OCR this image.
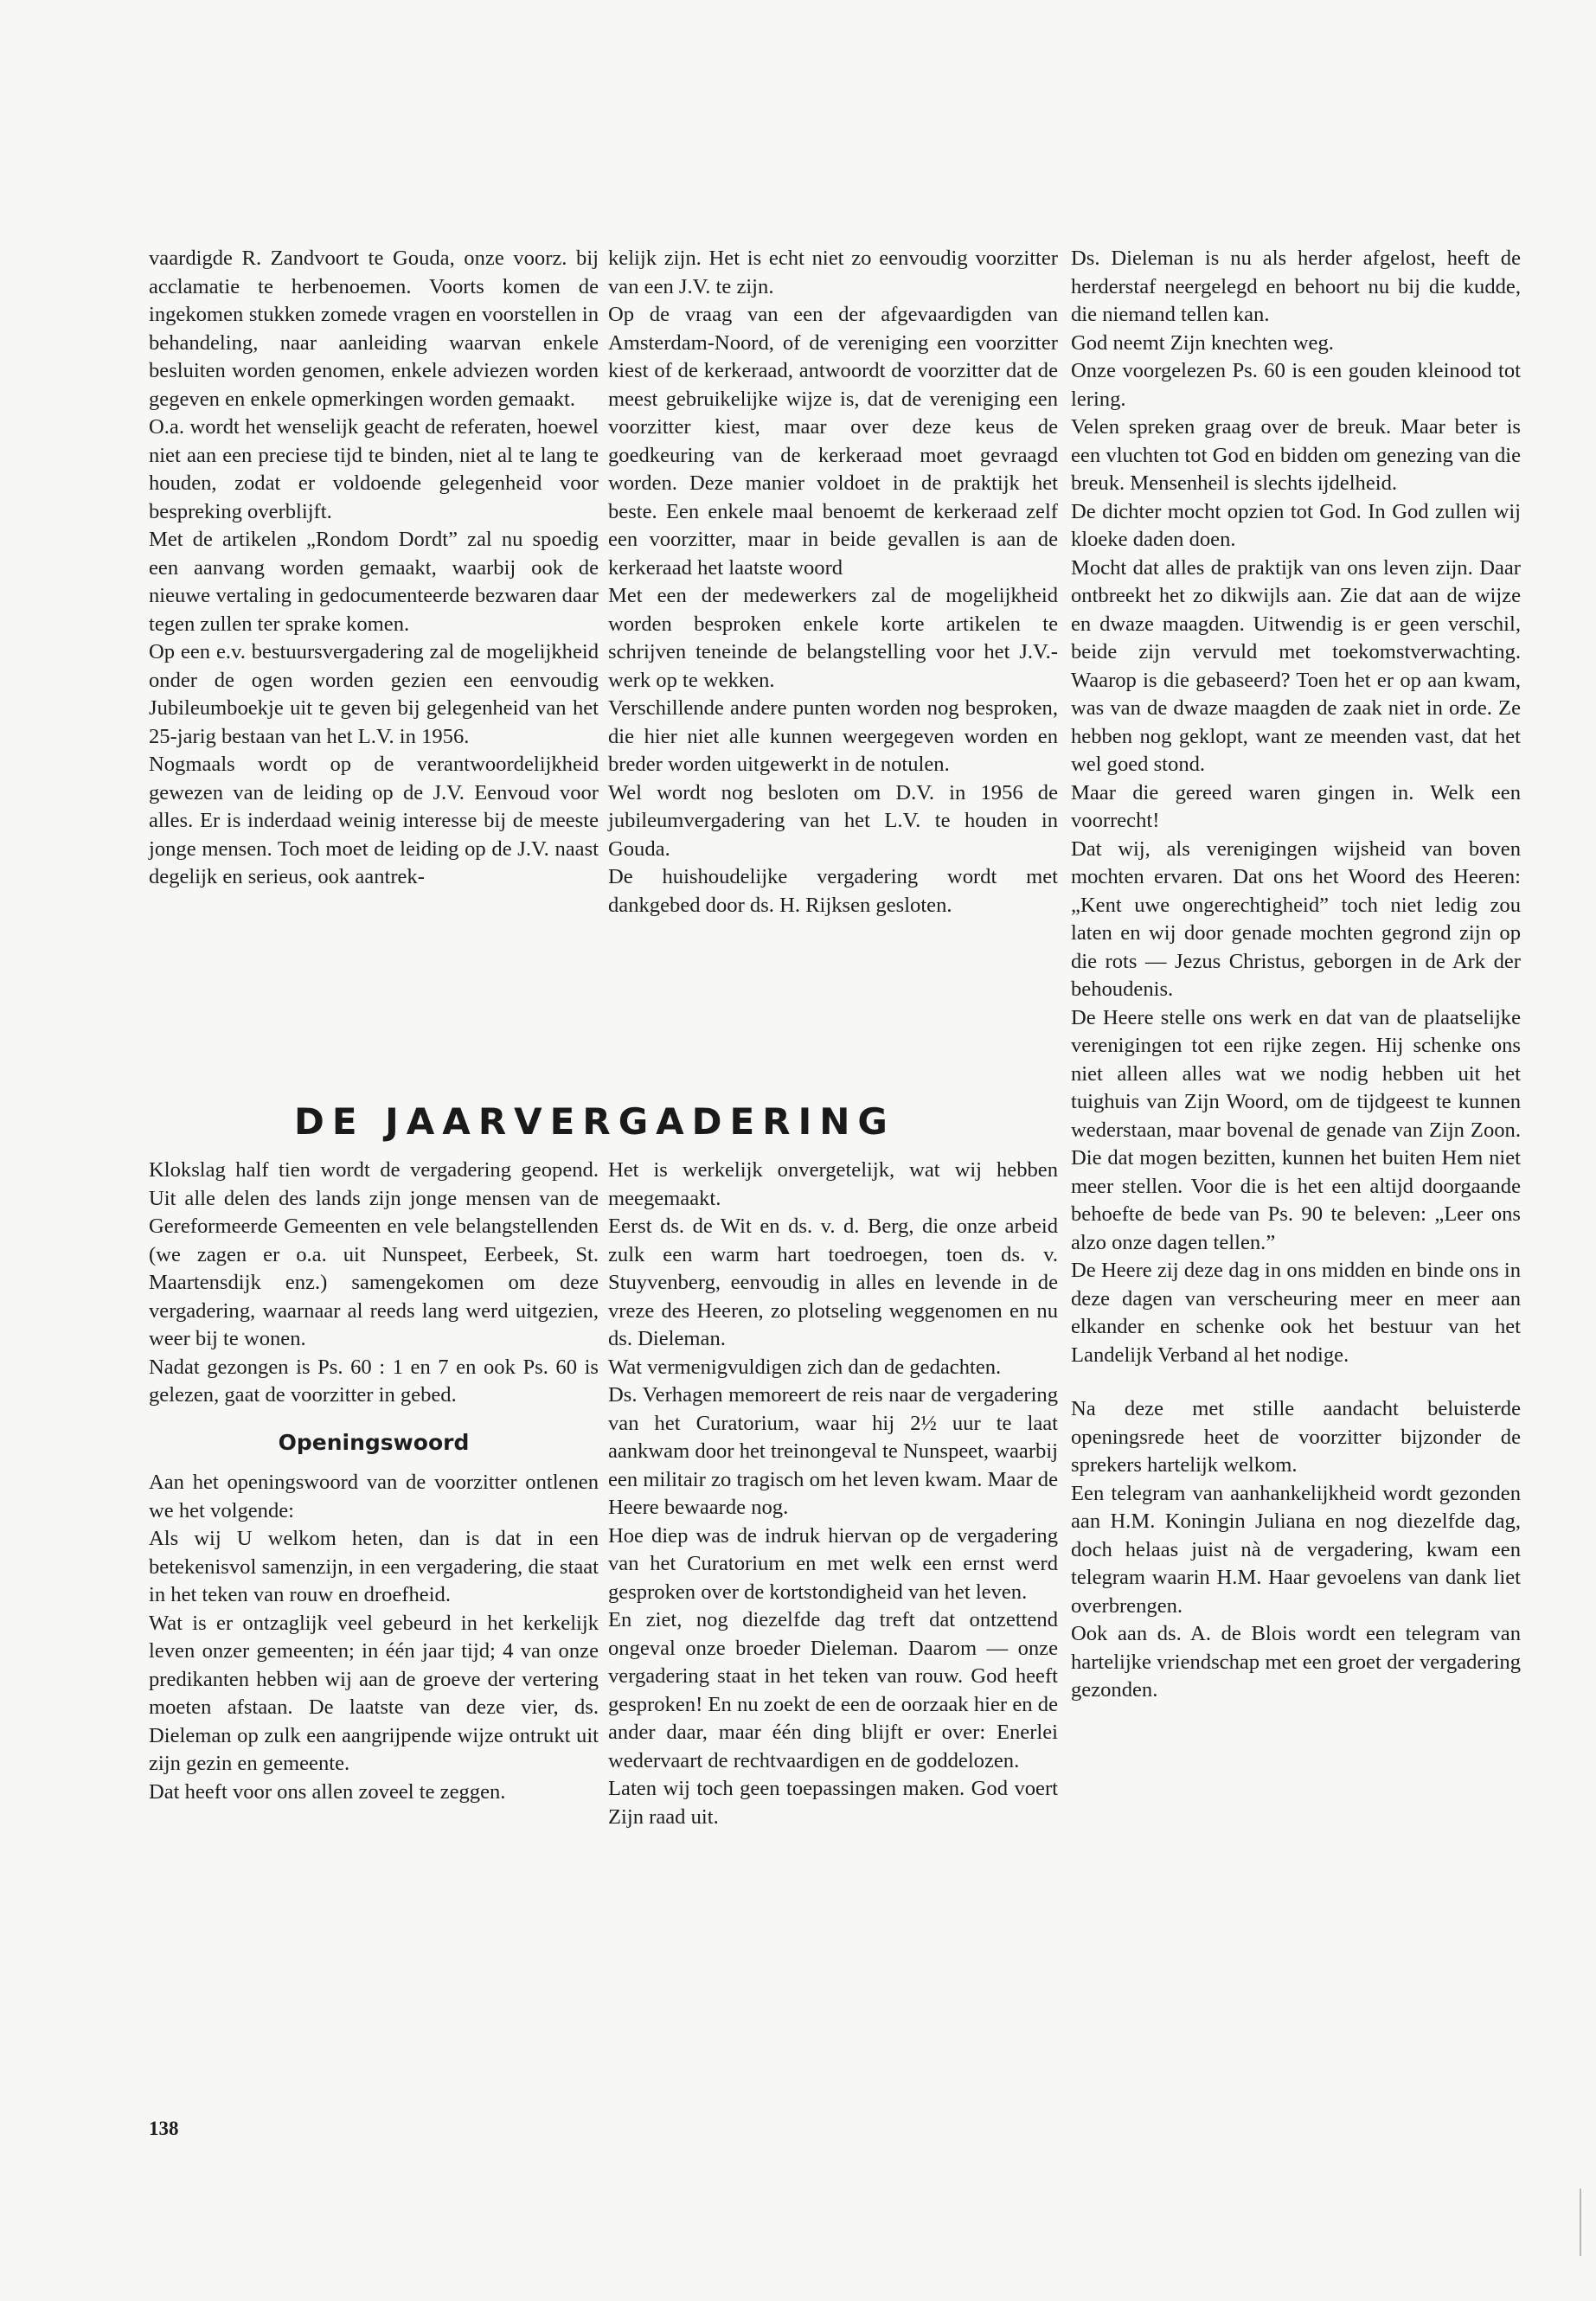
vaardigde R. Zandvoort te Gouda, onze voorz. bij acclamatie te herbenoemen. Voorts komen de ingekomen stukken zomede vragen en voorstellen in behandeling, naar aanleiding waarvan enkele besluiten worden genomen, enkele adviezen worden gegeven en enkele opmerkingen worden gemaakt.

O.a. wordt het wenselijk geacht de referaten, hoewel niet aan een preciese tijd te binden, niet al te lang te houden, zodat er voldoende gelegenheid voor bespreking overblijft.

Met de artikelen „Rondom Dordt” zal nu spoedig een aanvang worden gemaakt, waarbij ook de nieuwe vertaling in gedocumenteerde bezwaren daar tegen zullen ter sprake komen.

Op een e.v. bestuursvergadering zal de mogelijkheid onder de ogen worden gezien een eenvoudig Jubileumboekje uit te geven bij gelegenheid van het 25-jarig bestaan van het L.V. in 1956.

Nogmaals wordt op de verantwoordelijkheid gewezen van de leiding op de J.V. Eenvoud voor alles. Er is inderdaad weinig interesse bij de meeste jonge mensen. Toch moet de leiding op de J.V. naast degelijk en serieus, ook aantrek-

kelijk zijn. Het is echt niet zo eenvoudig voorzitter van een J.V. te zijn.

Op de vraag van een der afgevaardigden van Amsterdam-Noord, of de vereniging een voorzitter kiest of de kerkeraad, antwoordt de voorzitter dat de meest gebruikelijke wijze is, dat de vereniging een voorzitter kiest, maar over deze keus de goedkeuring van de kerkeraad moet gevraagd worden. Deze manier voldoet in de praktijk het beste. Een enkele maal benoemt de kerkeraad zelf een voorzitter, maar in beide gevallen is aan de kerkeraad het laatste woord

Met een der medewerkers zal de mogelijkheid worden besproken enkele korte artikelen te schrijven teneinde de belangstelling voor het J.V.-werk op te wekken.

Verschillende andere punten worden nog besproken, die hier niet alle kunnen weergegeven worden en breder worden uitgewerkt in de notulen.

Wel wordt nog besloten om D.V. in 1956 de jubileumvergadering van het L.V. te houden in Gouda.

De huishoudelijke vergadering wordt met dankgebed door ds. H. Rijksen gesloten.

Ds. Dieleman is nu als herder afgelost, heeft de herderstaf neergelegd en behoort nu bij die kudde, die niemand tellen kan.

God neemt Zijn knechten weg.

Onze voorgelezen Ps. 60 is een gouden kleinood tot lering.

Velen spreken graag over de breuk. Maar beter is een vluchten tot God en bidden om genezing van die breuk. Mensenheil is slechts ijdelheid.

De dichter mocht opzien tot God. In God zullen wij kloeke daden doen.

Mocht dat alles de praktijk van ons leven zijn. Daar ontbreekt het zo dikwijls aan. Zie dat aan de wijze en dwaze maagden. Uitwendig is er geen verschil, beide zijn vervuld met toekomstverwachting. Waarop is die gebaseerd? Toen het er op aan kwam, was van de dwaze maagden de zaak niet in orde. Ze hebben nog geklopt, want ze meenden vast, dat het wel goed stond.

Maar die gereed waren gingen in. Welk een voorrecht!

Dat wij, als verenigingen wijsheid van boven mochten ervaren. Dat ons het Woord des Heeren: „Kent uwe ongerechtigheid” toch niet ledig zou laten en wij door genade mochten gegrond zijn op die rots — Jezus Christus, geborgen in de Ark der behoudenis.

De Heere stelle ons werk en dat van de plaatselijke verenigingen tot een rijke zegen. Hij schenke ons niet alleen alles wat we nodig hebben uit het tuighuis van Zijn Woord, om de tijdgeest te kunnen wederstaan, maar bovenal de genade van Zijn Zoon. Die dat mogen bezitten, kunnen het buiten Hem niet meer stellen. Voor die is het een altijd doorgaande behoefte de bede van Ps. 90 te beleven: „Leer ons alzo onze dagen tellen.”

De Heere zij deze dag in ons midden en binde ons in deze dagen van verscheuring meer en meer aan elkander en schenke ook het bestuur van het Landelijk Verband al het nodige.

Na deze met stille aandacht beluisterde openingsrede heet de voorzitter bijzonder de sprekers hartelijk welkom.

Een telegram van aanhankelijkheid wordt gezonden aan H.M. Koningin Juliana en nog diezelfde dag, doch helaas juist nà de vergadering, kwam een telegram waarin H.M. Haar gevoelens van dank liet overbrengen.

Ook aan ds. A. de Blois wordt een telegram van hartelijke vriendschap met een groet der vergadering gezonden.

DE JAARVERGADERING

Klokslag half tien wordt de vergadering geopend. Uit alle delen des lands zijn jonge mensen van de Gereformeerde Gemeenten en vele belangstellenden (we zagen er o.a. uit Nunspeet, Eerbeek, St. Maartensdijk enz.) samengekomen om deze vergadering, waarnaar al reeds lang werd uitgezien, weer bij te wonen.

Nadat gezongen is Ps. 60 : 1 en 7 en ook Ps. 60 is gelezen, gaat de voorzitter in gebed.

Openingswoord

Aan het openingswoord van de voorzitter ontlenen we het volgende:

Als wij U welkom heten, dan is dat in een betekenisvol samenzijn, in een vergadering, die staat in het teken van rouw en droefheid.

Wat is er ontzaglijk veel gebeurd in het kerkelijk leven onzer gemeenten; in één jaar tijd; 4 van onze predikanten hebben wij aan de groeve der vertering moeten afstaan. De laatste van deze vier, ds. Dieleman op zulk een aangrijpende wijze ontrukt uit zijn gezin en gemeente.

Dat heeft voor ons allen zoveel te zeggen.

Het is werkelijk onvergetelijk, wat wij hebben meegemaakt.

Eerst ds. de Wit en ds. v. d. Berg, die onze arbeid zulk een warm hart toedroegen, toen ds. v. Stuyvenberg, eenvoudig in alles en levende in de vreze des Heeren, zo plotseling weggenomen en nu ds. Dieleman.

Wat vermenigvuldigen zich dan de gedachten.

Ds. Verhagen memoreert de reis naar de vergadering van het Curatorium, waar hij 2½ uur te laat aankwam door het treinongeval te Nunspeet, waarbij een militair zo tragisch om het leven kwam. Maar de Heere bewaarde nog.

Hoe diep was de indruk hiervan op de vergadering van het Curatorium en met welk een ernst werd gesproken over de kortstondigheid van het leven.

En ziet, nog diezelfde dag treft dat ontzettend ongeval onze broeder Dieleman. Daarom — onze vergadering staat in het teken van rouw. God heeft gesproken! En nu zoekt de een de oorzaak hier en de ander daar, maar één ding blijft er over: Enerlei wedervaart de rechtvaardigen en de goddelozen.

Laten wij toch geen toepassingen maken. God voert Zijn raad uit.

138
